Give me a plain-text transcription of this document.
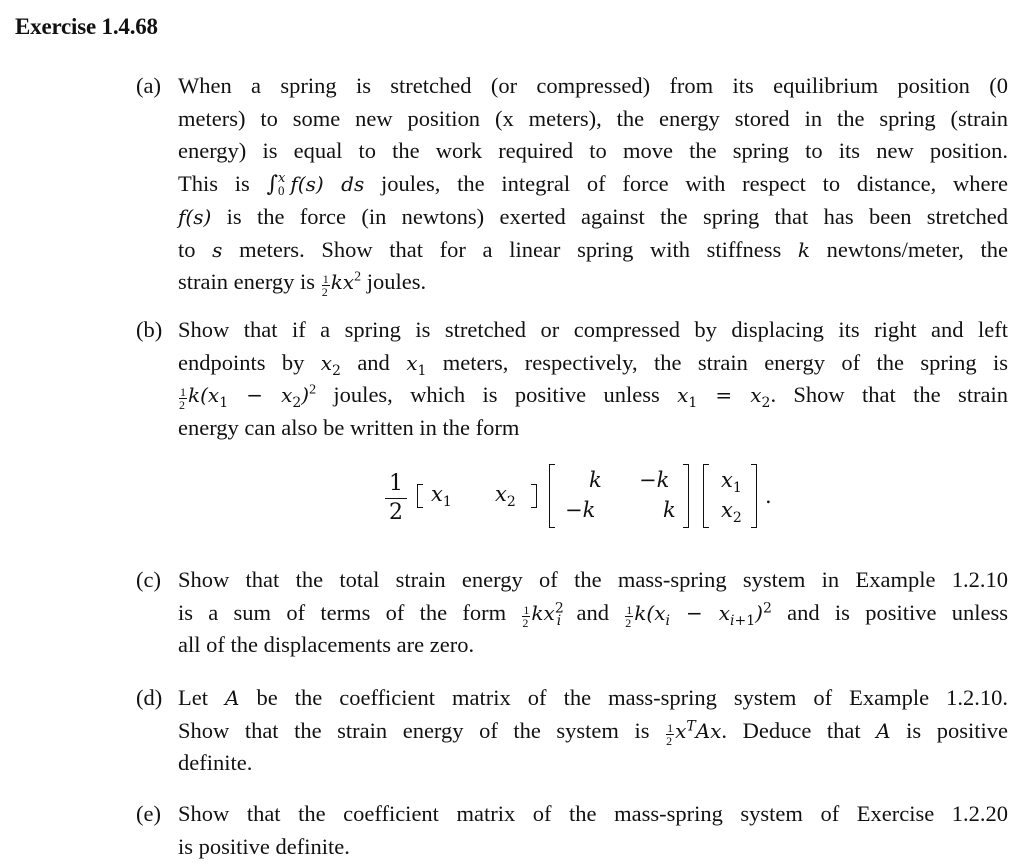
Exercise 1.4.68
(a) When a spring is stretched (or compressed) from its equilibrium position (0
meters) to some new position (x meters), the energy stored in the spring (strain
energy) is equal to the work required to move the spring to its new position.
This is ∫ x
0 f(s) ds joules, the integral of force with respect to distance, where
f(s) is the force (in newtons) exerted against the spring that has been stretched
to s meters. Show that for a linear spring with stiffness k newtons/meter, the
strain energy is $\frac{1}{2} kx^2$ joules.
(b) Show that if a spring is stretched or compressed by displacing its right and left
endpoints by $x_2$ and $x_1$ meters, respectively, the strain energy of the spring is
$\frac{1}{2} k(x_1 - x_2)^2$ joules, which is positive unless $x_1 = x_2$. Show that the strain
energy can also be written in the form
1
2
$x_1$ $x_2$
k −k
−k	k
$x_1$
$x_2$
.
(c) Show that the total strain energy of the mass-spring system in Example 1.2.10
is a sum of terms of the form $\frac{1}{2} kx^2_i$ and $\frac{1}{2} k(x_i - x_{i+1})^2$ and is positive unless
all of the displacements are zero.
(d) Let A be the coefficient matrix of the mass-spring system of Example 1.2.10.
Show that the strain energy of the system is $\frac{1}{2} x^TAx$. Deduce that A is positive
definite.
(e) Show that the coefficient matrix of the mass-spring system of Exercise 1.2.20
is positive definite.
